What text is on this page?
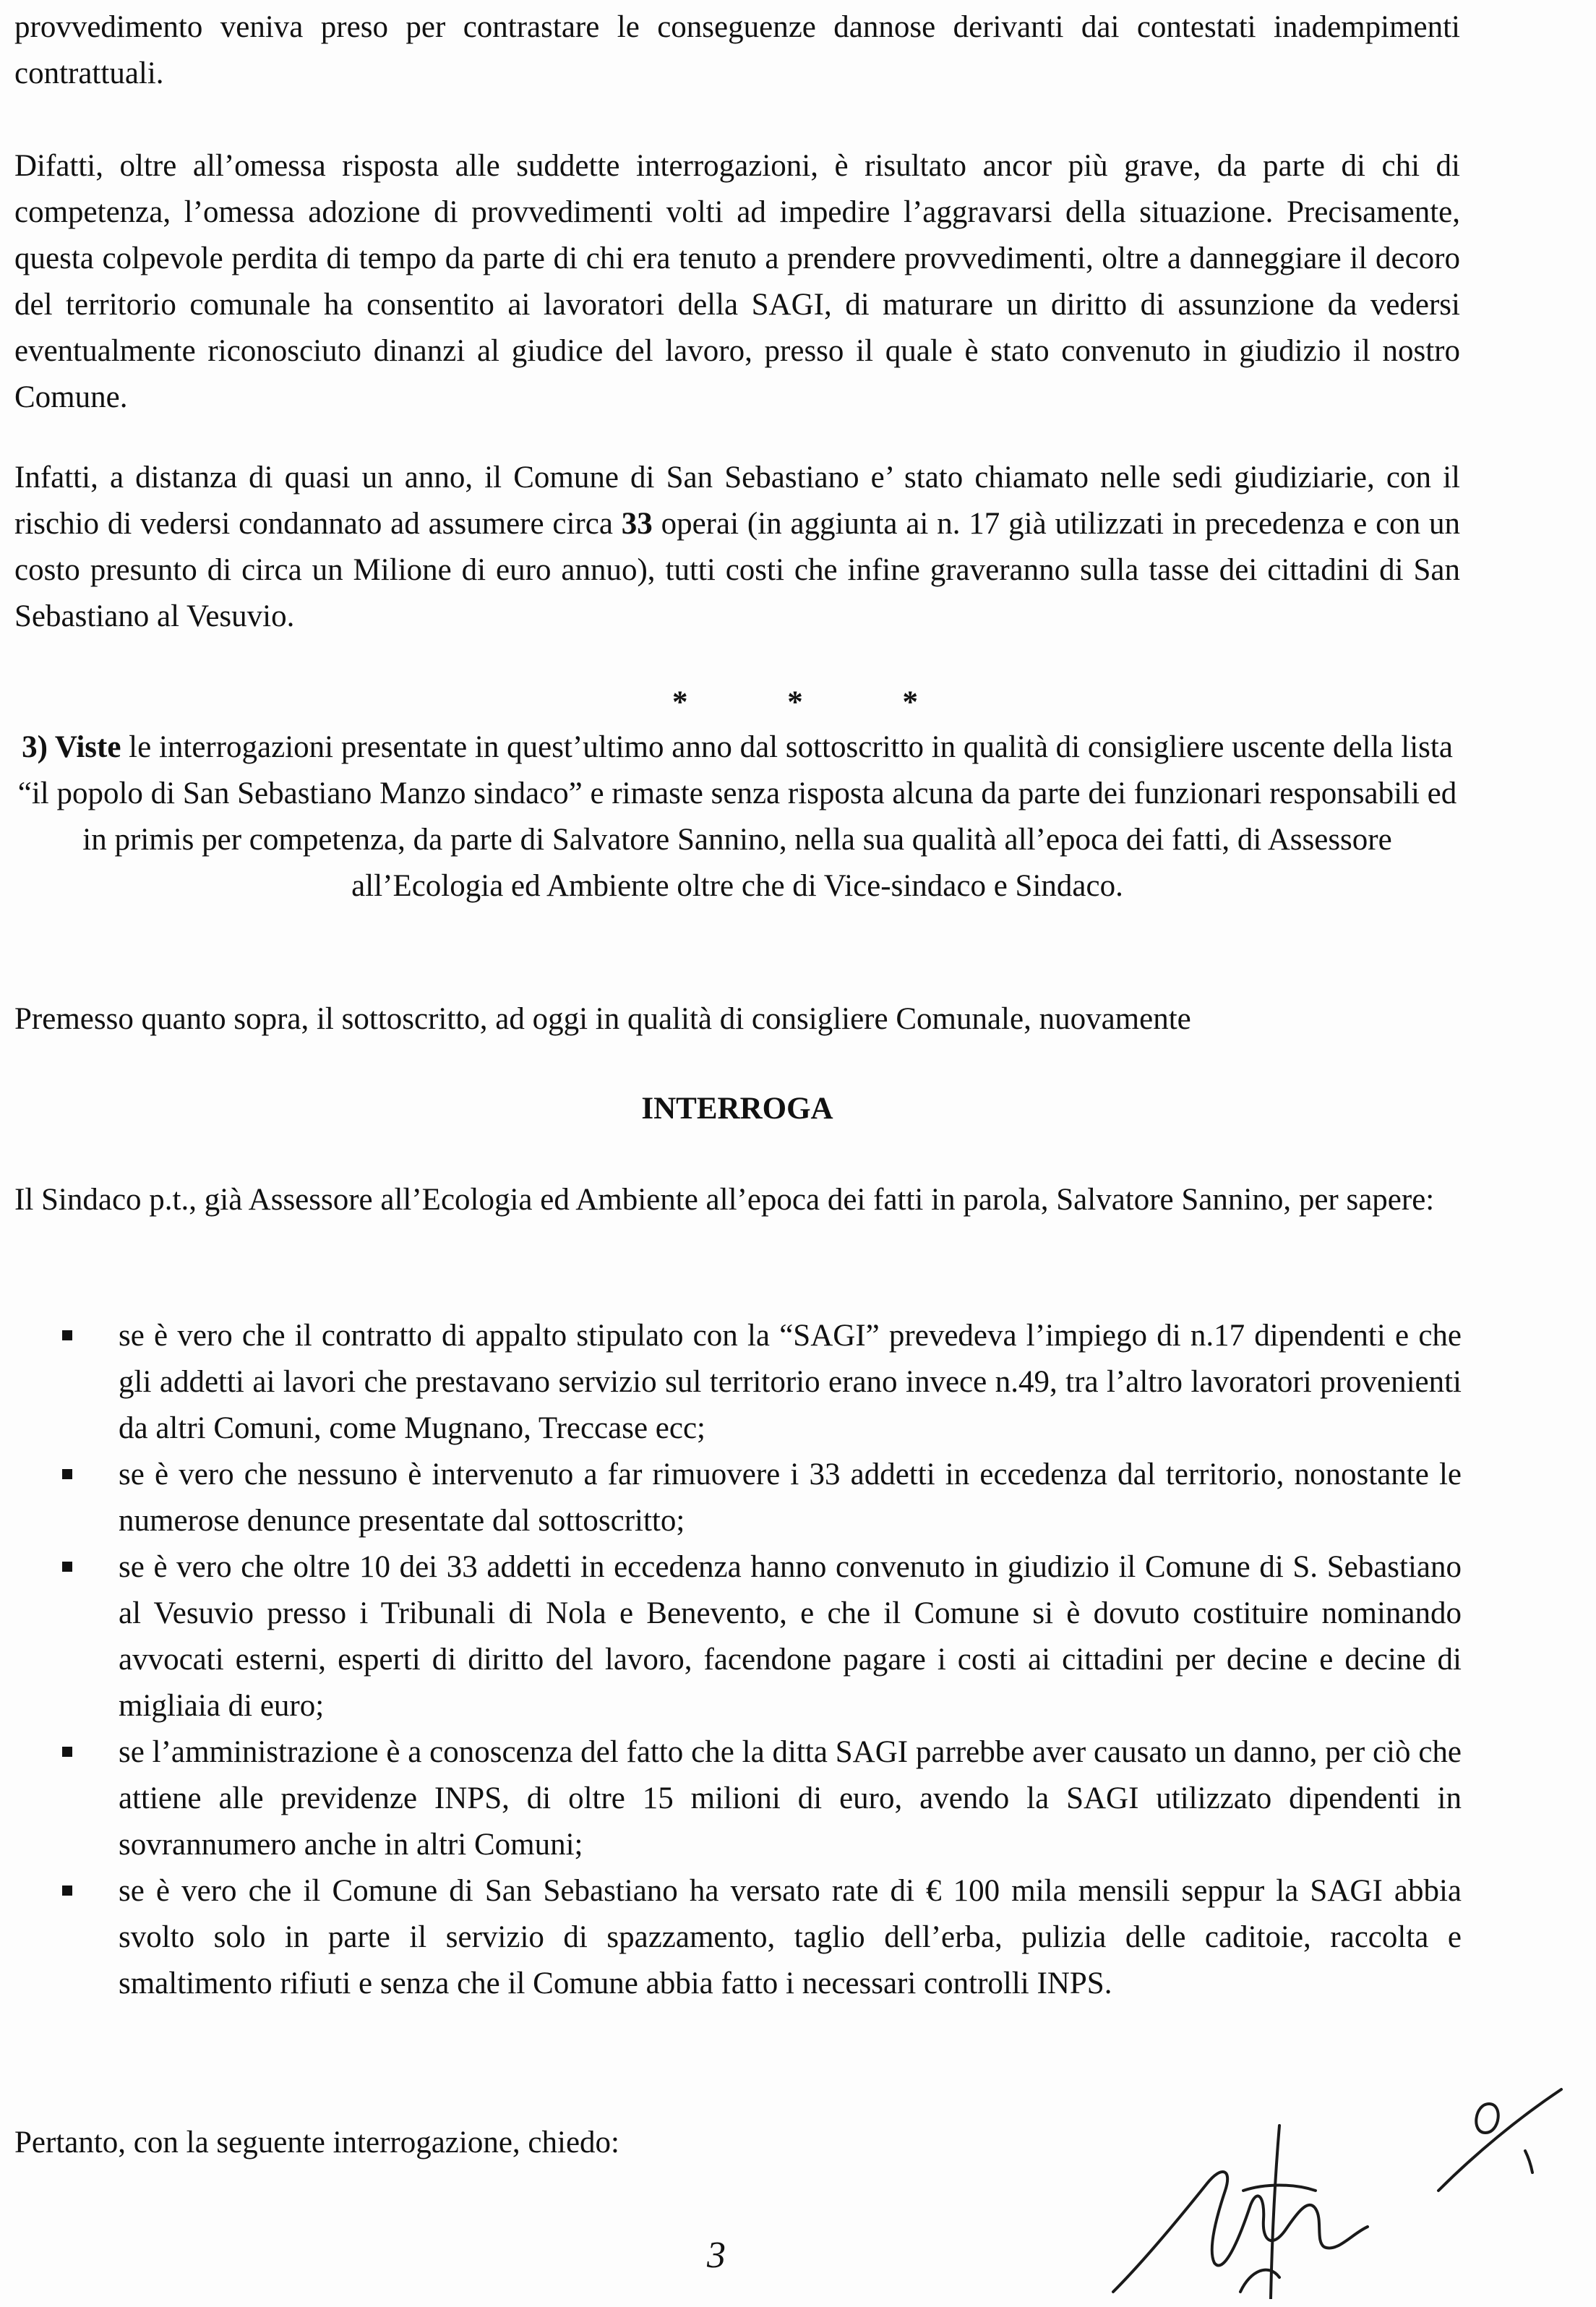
provvedimento veniva preso per contrastare le conseguenze dannose derivanti dai contestati inadempimenti contrattuali.

Difatti, oltre all’omessa risposta alle suddette interrogazioni, è risultato ancor più grave, da parte di chi di competenza, l’omessa adozione di provvedimenti volti ad impedire l’aggravarsi della situazione. Precisamente, questa colpevole perdita di tempo da parte di chi era tenuto a prendere provvedimenti, oltre a danneggiare il decoro del territorio comunale ha consentito ai lavoratori della SAGI, di maturare un diritto di assunzione da vedersi eventualmente riconosciuto dinanzi al giudice del lavoro, presso il quale è stato convenuto in giudizio il nostro Comune.

Infatti, a distanza di quasi un anno, il Comune di San Sebastiano e’ stato chiamato nelle sedi giudiziarie, con il rischio di vedersi condannato ad assumere circa 33 operai (in aggiunta ai n. 17 già utilizzati in precedenza e con un costo presunto di circa un Milione di euro annuo), tutti costi che infine graveranno sulla tasse dei cittadini di San Sebastiano al Vesuvio.

*	*	*

3) Viste le interrogazioni presentate in quest’ultimo anno dal sottoscritto in qualità di consigliere uscente della lista “il popolo di San Sebastiano Manzo sindaco” e rimaste senza risposta alcuna da parte dei funzionari responsabili ed in primis per competenza, da parte di Salvatore Sannino, nella sua qualità all’epoca dei fatti, di Assessore all’Ecologia ed Ambiente oltre che di Vice-sindaco e Sindaco.

Premesso quanto sopra, il sottoscritto, ad oggi in qualità di consigliere Comunale, nuovamente

INTERROGA

Il Sindaco p.t., già Assessore all’Ecologia ed Ambiente all’epoca dei fatti in parola, Salvatore Sannino, per sapere:

se è vero che il contratto di appalto stipulato con la “SAGI” prevedeva l’impiego di n.17 dipendenti e che gli addetti ai lavori che prestavano servizio sul territorio erano invece n.49, tra l’altro lavoratori provenienti da altri Comuni, come Mugnano, Treccase ecc;
se è vero che nessuno è intervenuto a far rimuovere i 33 addetti in eccedenza dal territorio, nonostante le numerose denunce presentate dal sottoscritto;
se è vero che oltre 10 dei 33 addetti in eccedenza hanno convenuto in giudizio il Comune di S. Sebastiano al Vesuvio presso i Tribunali di Nola e Benevento, e che il Comune si è dovuto costituire nominando avvocati esterni, esperti di diritto del lavoro, facendone pagare i costi ai cittadini per decine e decine di migliaia di euro;
se l’amministrazione è a conoscenza del fatto che la ditta SAGI parrebbe aver causato un danno, per ciò che attiene alle previdenze INPS, di oltre 15 milioni di euro, avendo la SAGI utilizzato dipendenti in sovrannumero anche in altri Comuni;
se è vero che il Comune di San Sebastiano ha versato rate di € 100 mila mensili seppur la SAGI abbia svolto solo in parte il servizio di spazzamento, taglio dell’erba, pulizia delle caditoie, raccolta e smaltimento rifiuti e senza che il Comune abbia fatto i necessari controlli INPS.

Pertanto, con la seguente interrogazione, chiedo:

3
